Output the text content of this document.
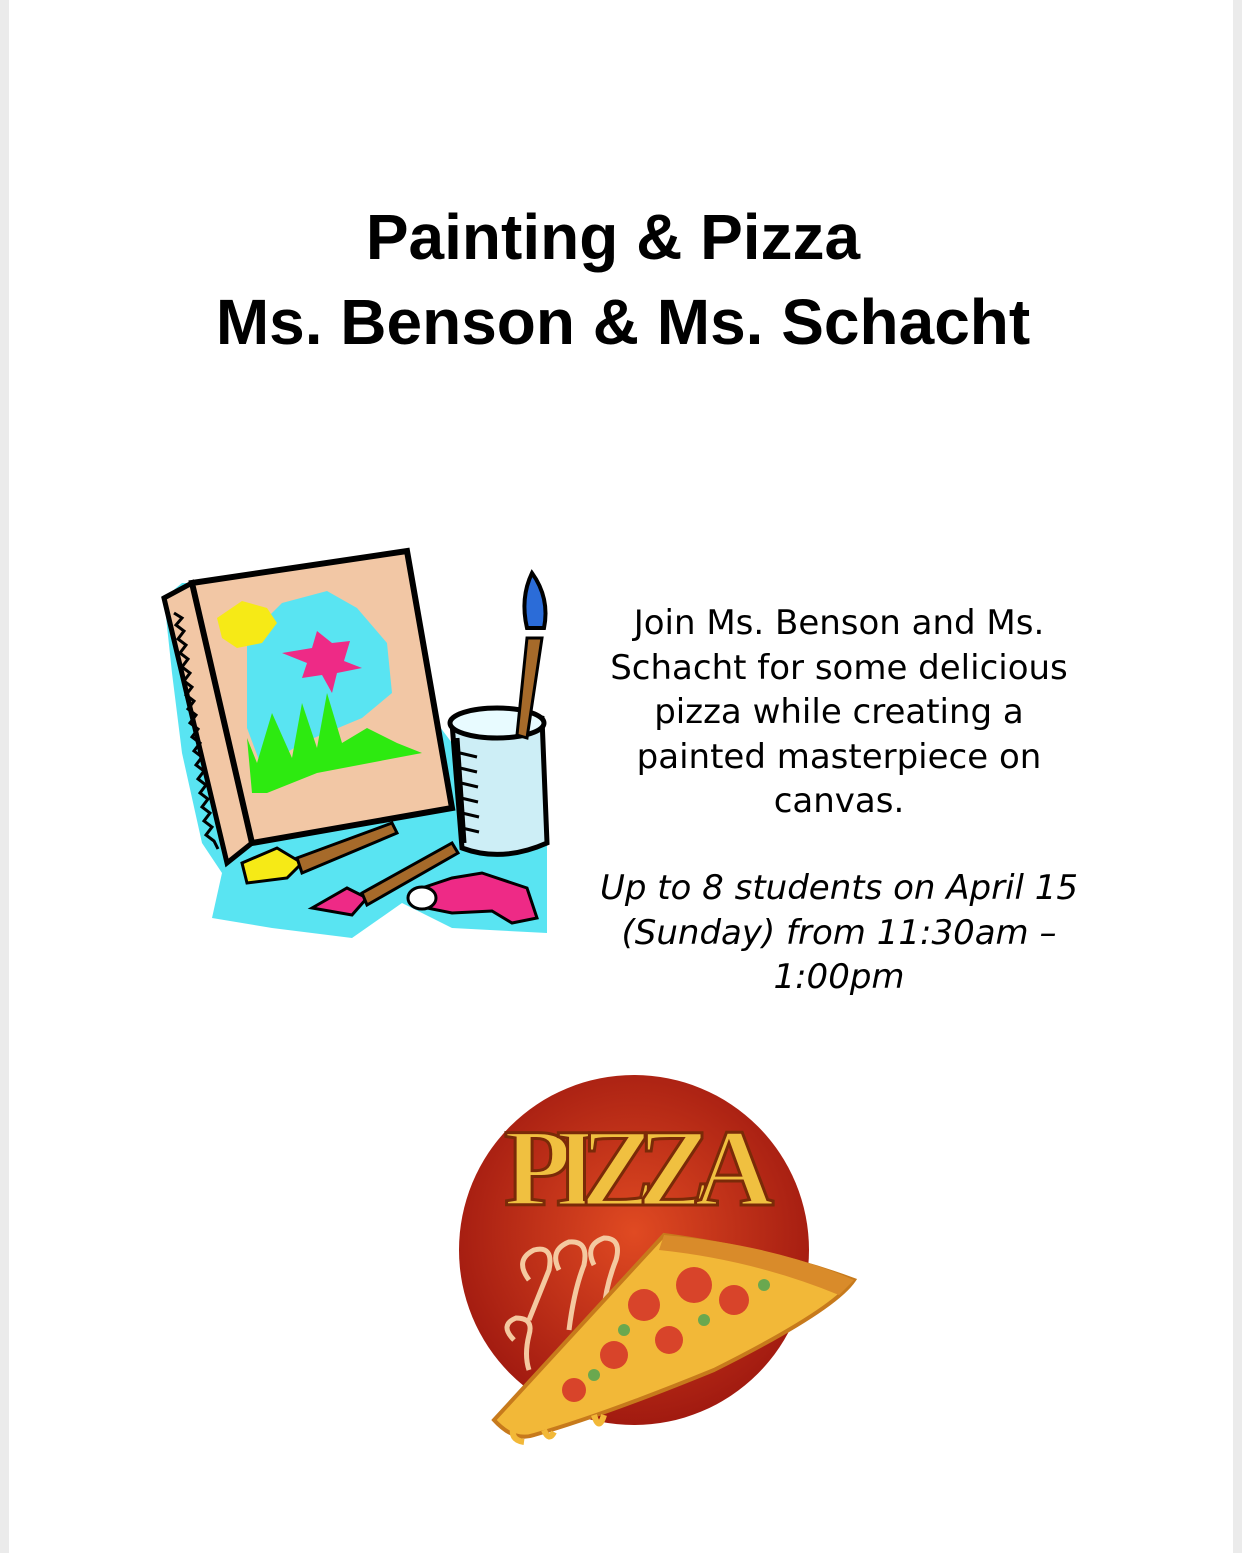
Painting & Pizza
Ms. Benson & Ms. Schacht

Join Ms. Benson and Ms. Schacht for some delicious pizza while creating a painted masterpiece on canvas.

Up to 8 students on April 15 (Sunday) from 11:30am – 1:00pm

PIZZA
